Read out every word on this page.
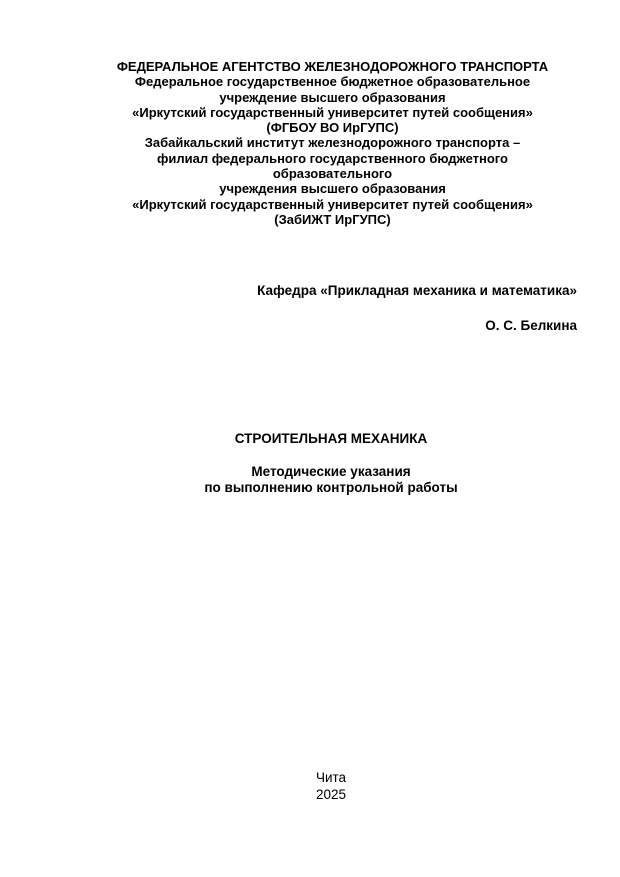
ФЕДЕРАЛЬНОЕ АГЕНТСТВО ЖЕЛЕЗНОДОРОЖНОГО ТРАНСПОРТА
Федеральное государственное бюджетное образовательное
учреждение высшего образования
«Иркутский государственный университет путей сообщения»
(ФГБОУ ВО ИрГУПС)
Забайкальский институт железнодорожного транспорта –
филиал федерального государственного бюджетного
образовательного
учреждения высшего образования
«Иркутский государственный университет путей сообщения»
(ЗабИЖТ ИрГУПС)
Кафедра «Прикладная механика и математика»
О. С. Белкина
СТРОИТЕЛЬНАЯ МЕХАНИКА
Методические указания
по выполнению контрольной работы
Чита
2025
